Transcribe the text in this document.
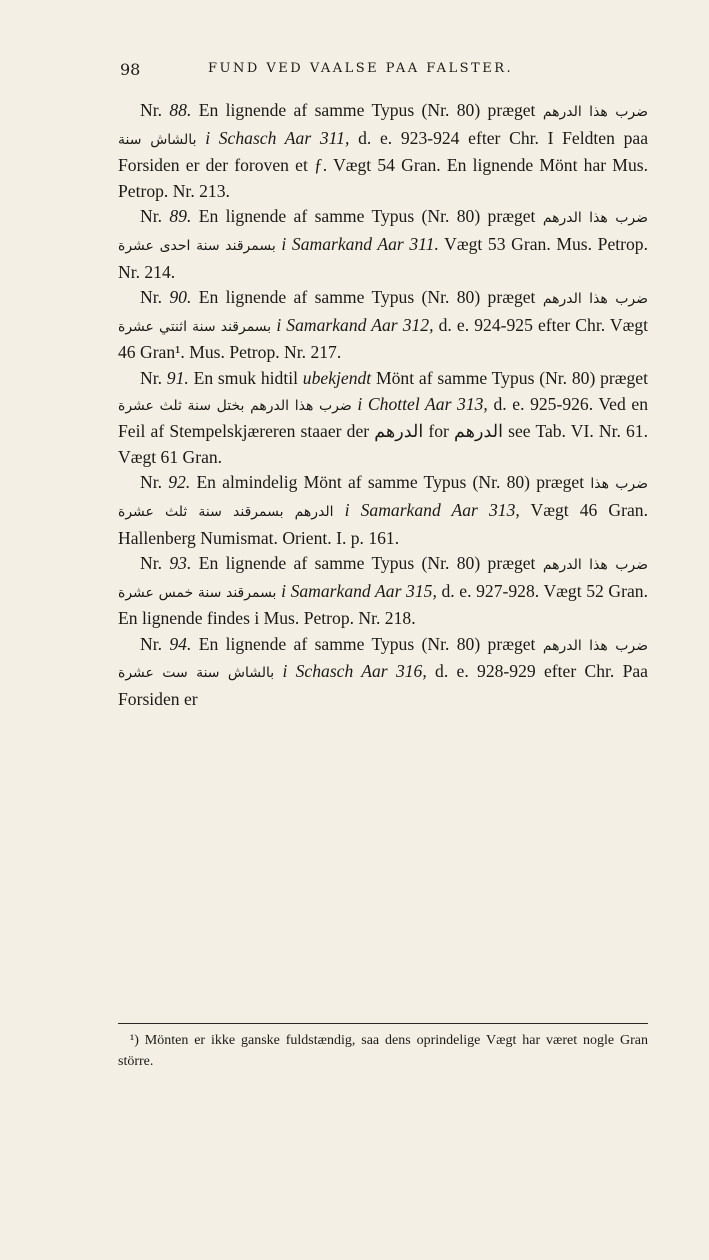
98	FUND VED VAALSE PAA FALSTER.

Nr. 88. En lignende af samme Typus (Nr. 80) præget ضرب هذا الدرهم بالشاش سنة i Schasch Aar 311, d. e. 923-924 efter Chr. I Feldten paa Forsiden er der foroven et ƒ. Vægt 54 Gran. En lignende Mönt har Mus. Petrop. Nr. 213.

Nr. 89. En lignende af samme Typus (Nr. 80) præget ضرب هذا الدرهم بسمرقند سنة احدى عشرة i Samarkand Aar 311. Vægt 53 Gran. Mus. Petrop. Nr. 214.

Nr. 90. En lignende af samme Typus (Nr. 80) præget ضرب هذا الدرهم بسمرقند سنة اثنتي عشرة i Samarkand Aar 312, d. e. 924-925 efter Chr. Vægt 46 Gran¹. Mus. Petrop. Nr. 217.

Nr. 91. En smuk hidtil ubekjendt Mönt af samme Typus (Nr. 80) præget ضرب هذا الدرهم بختل سنة ثلث عشرة i Chottel Aar 313, d. e. 925-926. Ved en Feil af Stempelskjæreren staaer der الدرهم for الدرهم see Tab. VI. Nr. 61. Vægt 61 Gran.

Nr. 92. En almindelig Mönt af samme Typus (Nr. 80) præget ضرب هذا الدرهم بسمرقند سنة ثلث عشرة i Samarkand Aar 313, Vægt 46 Gran. Hallenberg Numismat. Orient. I. p. 161.

Nr. 93. En lignende af samme Typus (Nr. 80) præget ضرب هذا الدرهم بسمرقند سنة خمس عشرة i Samarkand Aar 315, d. e. 927-928. Vægt 52 Gran. En lignende findes i Mus. Petrop. Nr. 218.

Nr. 94. En lignende af samme Typus (Nr. 80) præget ضرب هذا الدرهم بالشاش سنة ست عشرة i Schasch Aar 316, d. e. 928-929 efter Chr. Paa Forsiden er

¹) Mönten er ikke ganske fuldstændig, saa dens oprindelige Vægt har været nogle Gran större.
